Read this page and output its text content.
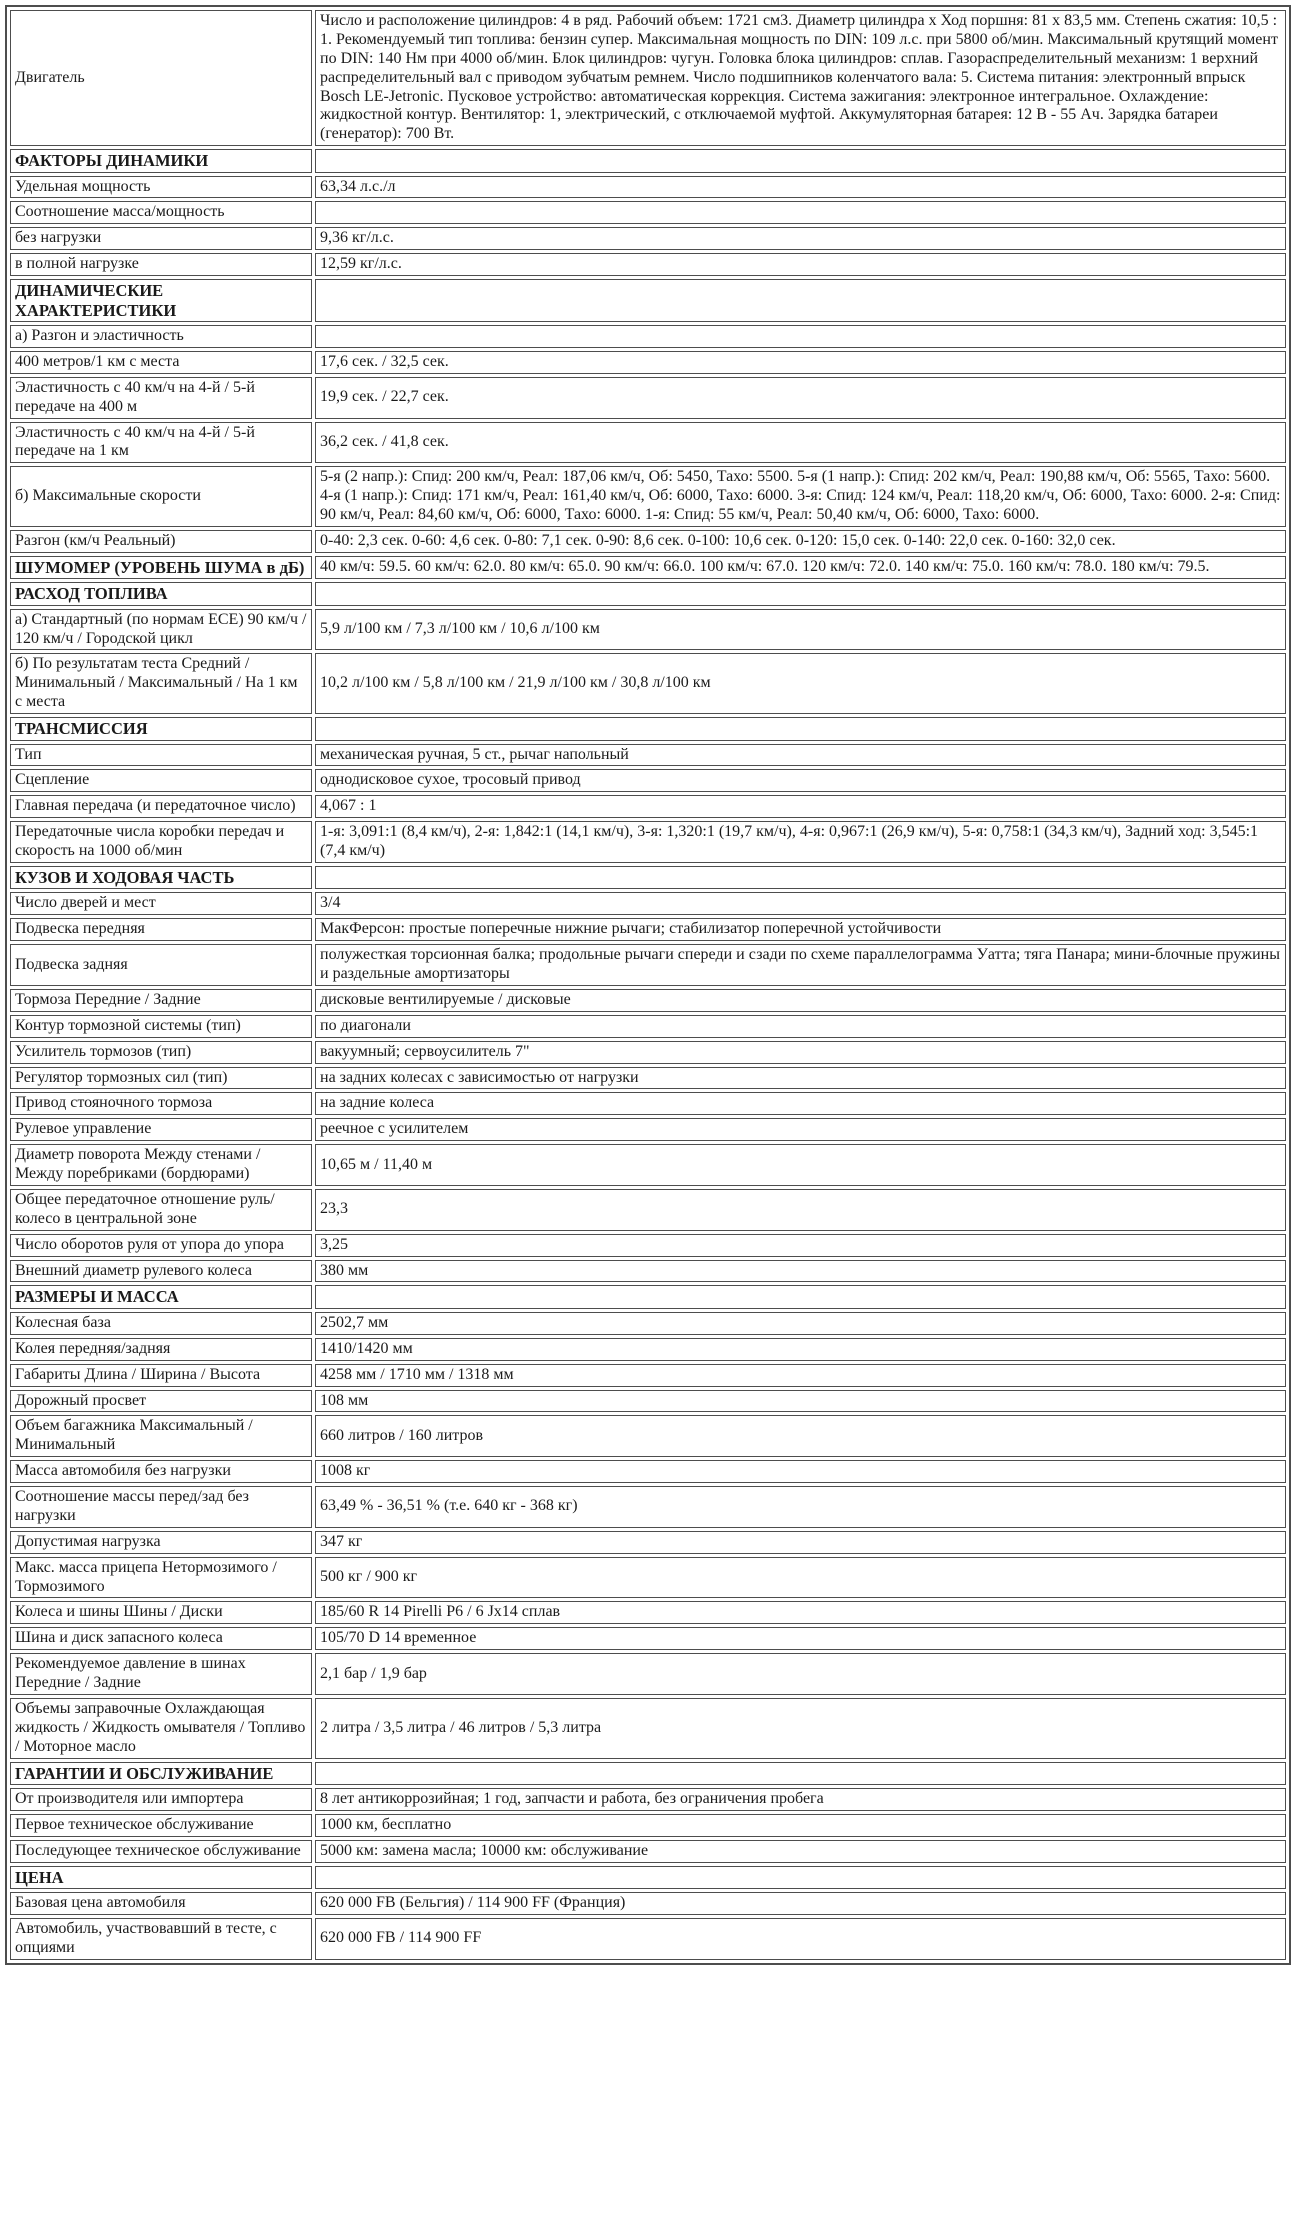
Двигатель	Число и расположение цилиндров: 4 в ряд. Рабочий объем: 1721 см3. Диаметр цилиндра х Ход поршня: 81 х 83,5 мм. Степень сжатия: 10,5 : 1. Рекомендуемый тип топлива: бензин супер. Максимальная мощность по DIN: 109 л.с. при 5800 об/мин. Максимальный крутящий момент по DIN: 140 Нм при 4000 об/мин. Блок цилиндров: чугун. Головка блока цилиндров: сплав. Газораспределительный механизм: 1 верхний распределительный вал с приводом зубчатым ремнем. Число подшипников коленчатого вала: 5. Система питания: электронный впрыск Bosch LE-Jetronic. Пусковое устройство: автоматическая коррекция. Система зажигания: электронное интегральное. Охлаждение: жидкостной контур. Вентилятор: 1, электрический, с отключаемой муфтой. Аккумуляторная батарея: 12 В - 55 Ач. Зарядка батареи (генератор): 700 Вт.
ФАКТОРЫ ДИНАМИКИ	
Удельная мощность	63,34 л.с./л
Соотношение масса/мощность	
без нагрузки	9,36 кг/л.с.
в полной нагрузке	12,59 кг/л.с.
ДИНАМИЧЕСКИЕ ХАРАКТЕРИСТИКИ	
а) Разгон и эластичность	
400 метров/1 км с места	17,6 сек. / 32,5 сек.
Эластичность с 40 км/ч на 4-й / 5-й передаче на 400 м	19,9 сек. / 22,7 сек.
Эластичность с 40 км/ч на 4-й / 5-й передаче на 1 км	36,2 сек. / 41,8 сек.
б) Максимальные скорости	5-я (2 напр.): Спид: 200 км/ч, Реал: 187,06 км/ч, Об: 5450, Тахо: 5500. 5-я (1 напр.): Спид: 202 км/ч, Реал: 190,88 км/ч, Об: 5565, Тахо: 5600. 4-я (1 напр.): Спид: 171 км/ч, Реал: 161,40 км/ч, Об: 6000, Тахо: 6000. 3-я: Спид: 124 км/ч, Реал: 118,20 км/ч, Об: 6000, Тахо: 6000. 2-я: Спид: 90 км/ч, Реал: 84,60 км/ч, Об: 6000, Тахо: 6000. 1-я: Спид: 55 км/ч, Реал: 50,40 км/ч, Об: 6000, Тахо: 6000.
Разгон (км/ч Реальный)	0-40: 2,3 сек. 0-60: 4,6 сек. 0-80: 7,1 сек. 0-90: 8,6 сек. 0-100: 10,6 сек. 0-120: 15,0 сек. 0-140: 22,0 сек. 0-160: 32,0 сек.
ШУМОМЕР (УРОВЕНЬ ШУМА в дБ)	40 км/ч: 59.5. 60 км/ч: 62.0. 80 км/ч: 65.0. 90 км/ч: 66.0. 100 км/ч: 67.0. 120 км/ч: 72.0. 140 км/ч: 75.0. 160 км/ч: 78.0. 180 км/ч: 79.5.
РАСХОД ТОПЛИВА	
а) Стандартный (по нормам ЕСЕ) 90 км/ч / 120 км/ч / Городской цикл	5,9 л/100 км / 7,3 л/100 км / 10,6 л/100 км
б) По результатам теста Средний / Минимальный / Максимальный / На 1 км с места	10,2 л/100 км / 5,8 л/100 км / 21,9 л/100 км / 30,8 л/100 км
ТРАНСМИССИЯ	
Тип	механическая ручная, 5 ст., рычаг напольный
Сцепление	однодисковое сухое, тросовый привод
Главная передача (и передаточное число)	4,067 : 1
Передаточные числа коробки передач и скорость на 1000 об/мин	1-я: 3,091:1 (8,4 км/ч), 2-я: 1,842:1 (14,1 км/ч), 3-я: 1,320:1 (19,7 км/ч), 4-я: 0,967:1 (26,9 км/ч), 5-я: 0,758:1 (34,3 км/ч), Задний ход: 3,545:1 (7,4 км/ч)
КУЗОВ И ХОДОВАЯ ЧАСТЬ	
Число дверей и мест	3/4
Подвеска передняя	МакФерсон: простые поперечные нижние рычаги; стабилизатор поперечной устойчивости
Подвеска задняя	полужесткая торсионная балка; продольные рычаги спереди и сзади по схеме параллелограмма Уатта; тяга Панара; мини-блочные пружины и раздельные амортизаторы
Тормоза Передние / Задние	дисковые вентилируемые / дисковые
Контур тормозной системы (тип)	по диагонали
Усилитель тормозов (тип)	вакуумный; сервоусилитель 7"
Регулятор тормозных сил (тип)	на задних колесах с зависимостью от нагрузки
Привод стояночного тормоза	на задние колеса
Рулевое управление	реечное с усилителем
Диаметр поворота Между стенами / Между поребриками (бордюрами)	10,65 м / 11,40 м
Общее передаточное отношение руль/колесо в центральной зоне	23,3
Число оборотов руля от упора до упора	3,25
Внешний диаметр рулевого колеса	380 мм
РАЗМЕРЫ И МАССА	
Колесная база	2502,7 мм
Колея передняя/задняя	1410/1420 мм
Габариты Длина / Ширина / Высота	4258 мм / 1710 мм / 1318 мм
Дорожный просвет	108 мм
Объем багажника Максимальный / Минимальный	660 литров / 160 литров
Масса автомобиля без нагрузки	1008 кг
Соотношение массы перед/зад без нагрузки	63,49 % - 36,51 % (т.е. 640 кг - 368 кг)
Допустимая нагрузка	347 кг
Макс. масса прицепа Нетормозимого / Тормозимого	500 кг / 900 кг
Колеса и шины Шины / Диски	185/60 R 14 Pirelli P6 / 6 Jx14 сплав
Шина и диск запасного колеса	105/70 D 14 временное
Рекомендуемое давление в шинах Передние / Задние	2,1 бар / 1,9 бар
Объемы заправочные Охлаждающая жидкость / Жидкость омывателя / Топливо / Моторное масло	2 литра / 3,5 литра / 46 литров / 5,3 литра
ГАРАНТИИ И ОБСЛУЖИВАНИЕ	
От производителя или импортера	8 лет антикоррозийная; 1 год, запчасти и работа, без ограничения пробега
Первое техническое обслуживание	1000 км, бесплатно
Последующее техническое обслуживание	5000 км: замена масла; 10000 км: обслуживание
ЦЕНА	
Базовая цена автомобиля	620 000 FB (Бельгия) / 114 900 FF (Франция)
Автомобиль, участвовавший в тесте, с опциями	620 000 FB / 114 900 FF
